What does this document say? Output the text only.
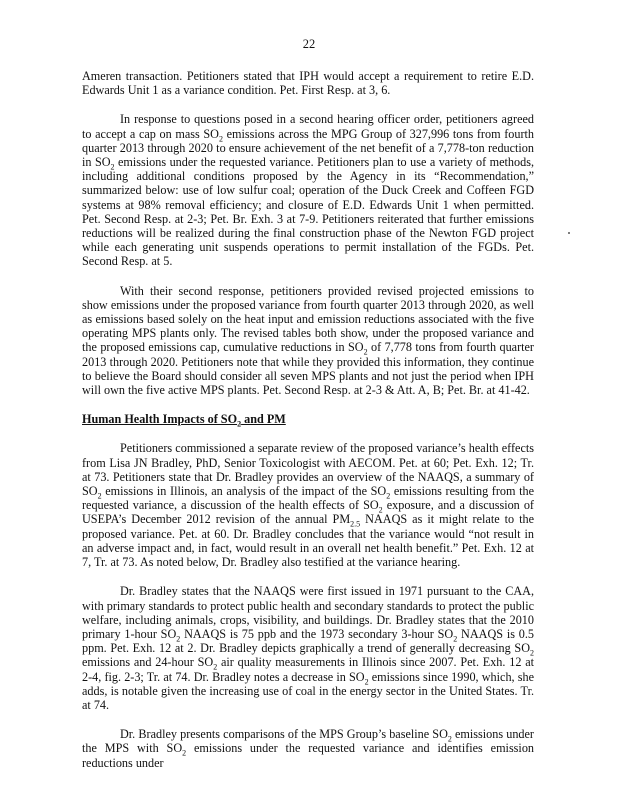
22

Ameren transaction. Petitioners stated that IPH would accept a requirement to retire E.D. Edwards Unit 1 as a variance condition. Pet. First Resp. at 3, 6.

In response to questions posed in a second hearing officer order, petitioners agreed to accept a cap on mass $SO_2$ emissions across the MPG Group of 327,996 tons from fourth quarter 2013 through 2020 to ensure achievement of the net benefit of a 7,778-ton reduction in $SO_2$ emissions under the requested variance. Petitioners plan to use a variety of methods, including additional conditions proposed by the Agency in its “Recommendation,” summarized below: use of low sulfur coal; operation of the Duck Creek and Coffeen FGD systems at 98% removal efficiency; and closure of E.D. Edwards Unit 1 when permitted. Pet. Second Resp. at 2-3; Pet. Br. Exh. 3 at 7-9. Petitioners reiterated that further emissions reductions will be realized during the final construction phase of the Newton FGD project while each generating unit suspends operations to permit installation of the FGDs. Pet. Second Resp. at 5.

With their second response, petitioners provided revised projected emissions to show emissions under the proposed variance from fourth quarter 2013 through 2020, as well as emissions based solely on the heat input and emission reductions associated with the five operating MPS plants only. The revised tables both show, under the proposed variance and the proposed emissions cap, cumulative reductions in $SO_2$ of 7,778 tons from fourth quarter 2013 through 2020. Petitioners note that while they provided this information, they continue to believe the Board should consider all seven MPS plants and not just the period when IPH will own the five active MPS plants. Pet. Second Resp. at 2-3 & Att. A, B; Pet. Br. at 41-42.

Human Health Impacts of $SO_2$ and PM

Petitioners commissioned a separate review of the proposed variance’s health effects from Lisa JN Bradley, PhD, Senior Toxicologist with AECOM. Pet. at 60; Pet. Exh. 12; Tr. at 73. Petitioners state that Dr. Bradley provides an overview of the NAAQS, a summary of $SO_2$ emissions in Illinois, an analysis of the impact of the $SO_2$ emissions resulting from the requested variance, a discussion of the health effects of $SO_2$ exposure, and a discussion of USEPA’s December 2012 revision of the annual $PM_{2.5}$ NAAQS as it might relate to the proposed variance. Pet. at 60. Dr. Bradley concludes that the variance would “not result in an adverse impact and, in fact, would result in an overall net health benefit.” Pet. Exh. 12 at 7, Tr. at 73. As noted below, Dr. Bradley also testified at the variance hearing.

Dr. Bradley states that the NAAQS were first issued in 1971 pursuant to the CAA, with primary standards to protect public health and secondary standards to protect the public welfare, including animals, crops, visibility, and buildings. Dr. Bradley states that the 2010 primary 1-hour $SO_2$ NAAQS is 75 ppb and the 1973 secondary 3-hour $SO_2$ NAAQS is 0.5 ppm. Pet. Exh. 12 at 2. Dr. Bradley depicts graphically a trend of generally decreasing $SO_2$ emissions and 24-hour $SO_2$ air quality measurements in Illinois since 2007. Pet. Exh. 12 at 2-4, fig. 2-3; Tr. at 74. Dr. Bradley notes a decrease in $SO_2$ emissions since 1990, which, she adds, is notable given the increasing use of coal in the energy sector in the United States. Tr. at 74.

Dr. Bradley presents comparisons of the MPS Group’s baseline $SO_2$ emissions under the MPS with $SO_2$ emissions under the requested variance and identifies emission reductions under
